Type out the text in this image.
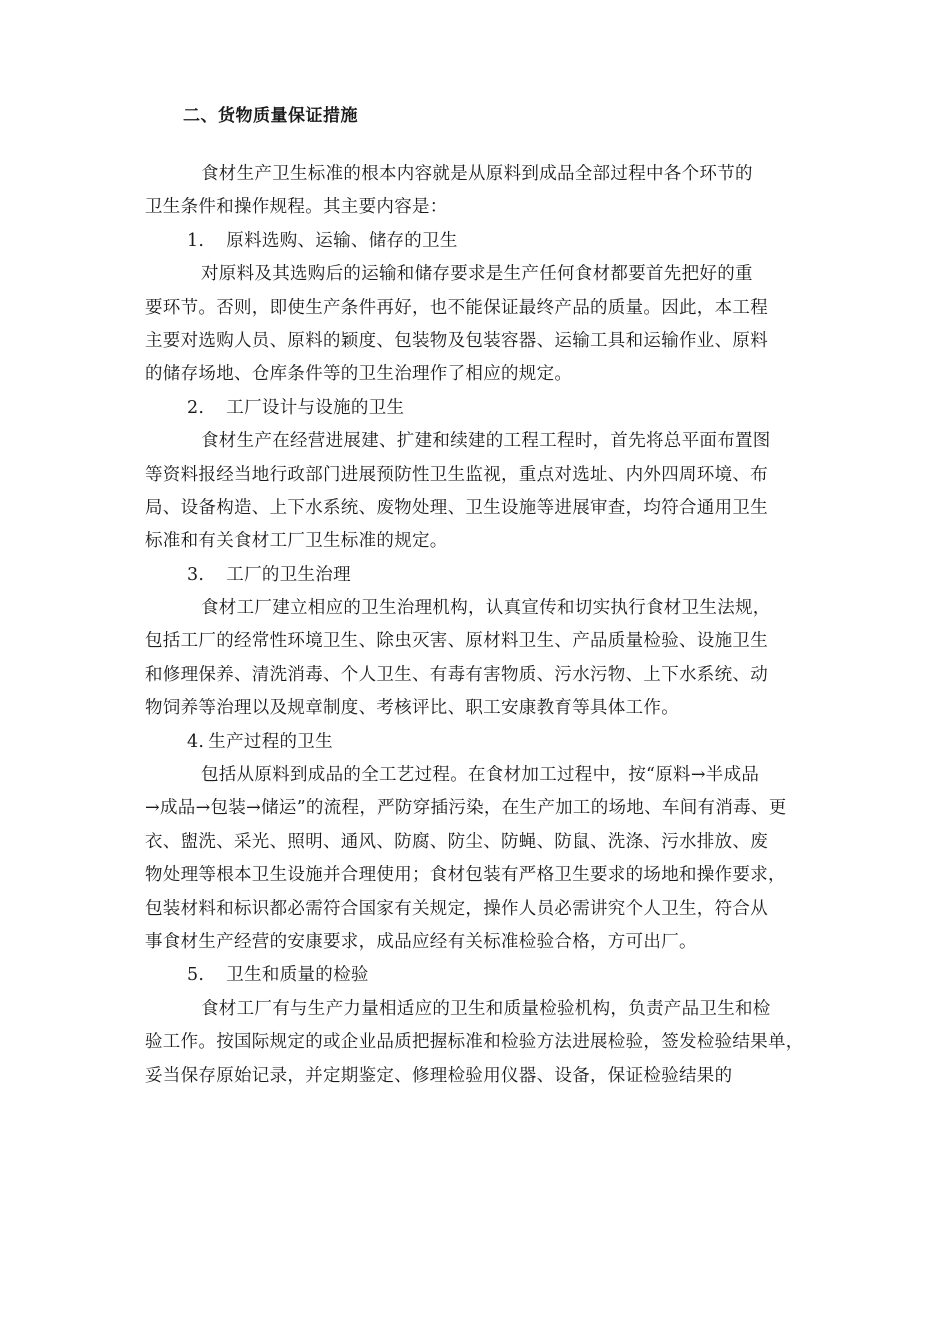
二、货物质量保证措施
食材生产卫生标准的根本内容就是从原料到成品全部过程中各个环节的
卫生条件和操作规程。其主要内容是：
1. 原料选购、运输、储存的卫生
对原料及其选购后的运输和储存要求是生产任何食材都要首先把好的重
要环节。否则，即使生产条件再好，也不能保证最终产品的质量。因此，本工程
主要对选购人员、原料的颖度、包装物及包装容器、运输工具和运输作业、原料
的储存场地、仓库条件等的卫生治理作了相应的规定。
2. 工厂设计与设施的卫生
食材生产在经营进展建、扩建和续建的工程工程时，首先将总平面布置图
等资料报经当地行政部门进展预防性卫生监视，重点对选址、内外四周环境、布
局、设备构造、上下水系统、废物处理、卫生设施等进展审查，均符合通用卫生
标准和有关食材工厂卫生标准的规定。
3. 工厂的卫生治理
食材工厂建立相应的卫生治理机构，认真宣传和切实执行食材卫生法规，
包括工厂的经常性环境卫生、除虫灭害、原材料卫生、产品质量检验、设施卫生
和修理保养、清洗消毒、个人卫生、有毒有害物质、污水污物、上下水系统、动
物饲养等治理以及规章制度、考核评比、职工安康教育等具体工作。
4. 生产过程的卫生
包括从原料到成品的全工艺过程。在食材加工过程中，按“原料→半成品
→成品→包装→储运”的流程，严防穿插污染，在生产加工的场地、车间有消毒、更
衣、盥洗、采光、照明、通风、防腐、防尘、防蝇、防鼠、洗涤、污水排放、废
物处理等根本卫生设施并合理使用；食材包装有严格卫生要求的场地和操作要求，
包装材料和标识都必需符合国家有关规定，操作人员必需讲究个人卫生，符合从
事食材生产经营的安康要求，成品应经有关标准检验合格，方可出厂。
5. 卫生和质量的检验
食材工厂有与生产力量相适应的卫生和质量检验机构，负责产品卫生和检
验工作。按国际规定的或企业品质把握标准和检验方法进展检验，签发检验结果单，
妥当保存原始记录，并定期鉴定、修理检验用仪器、设备，保证检验结果的
